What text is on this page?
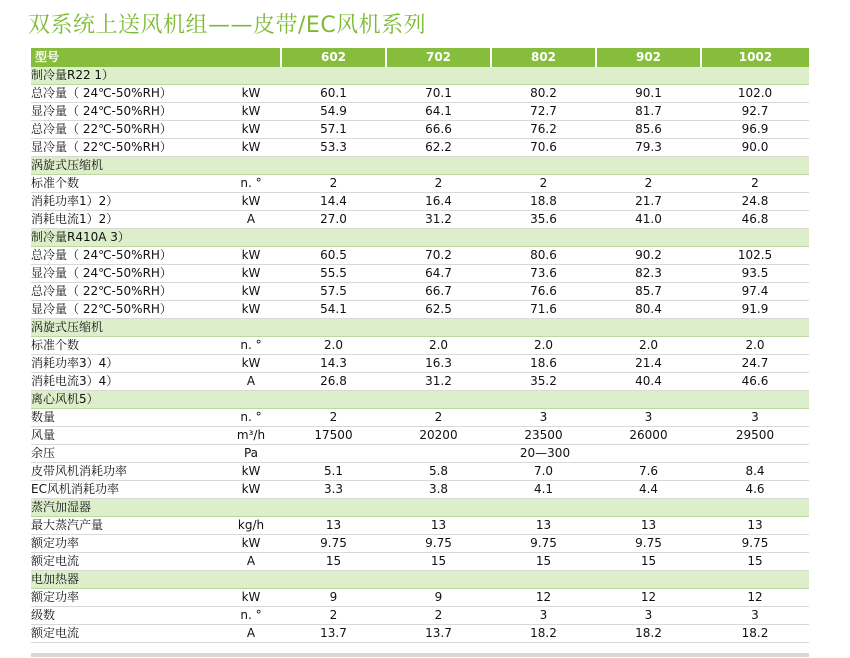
双系统上送风机组——皮带/EC风机系列
型号		602	702	802	902	1002
制冷量R22 1）						
总冷量（ 24℃-50%RH）	kW	60.1	70.1	80.2	90.1	102.0
显冷量（ 24℃-50%RH）	kW	54.9	64.1	72.7	81.7	92.7
总冷量（ 22℃-50%RH）	kW	57.1	66.6	76.2	85.6	96.9
显冷量（ 22℃-50%RH）	kW	53.3	62.2	70.6	79.3	90.0
涡旋式压缩机						
标准个数	n. °	2	2	2	2	2
消耗功率1）2）	kW	14.4	16.4	18.8	21.7	24.8
消耗电流1）2）	A	27.0	31.2	35.6	41.0	46.8
制冷量R410A 3）						
总冷量（ 24℃-50%RH）	kW	60.5	70.2	80.6	90.2	102.5
显冷量（ 24℃-50%RH）	kW	55.5	64.7	73.6	82.3	93.5
总冷量（ 22℃-50%RH）	kW	57.5	66.7	76.6	85.7	97.4
显冷量（ 22℃-50%RH）	kW	54.1	62.5	71.6	80.4	91.9
涡旋式压缩机						
标准个数	n. °	2.0	2.0	2.0	2.0	2.0
消耗功率3）4）	kW	14.3	16.3	18.6	21.4	24.7
消耗电流3）4）	A	26.8	31.2	35.2	40.4	46.6
离心风机5）						
数量	n. °	2	2	3	3	3
风量	m³/h	17500	20200	23500	26000	29500
余压	Pa	20—300				
皮带风机消耗功率	kW	5.1	5.8	7.0	7.6	8.4
EC风机消耗功率	kW	3.3	3.8	4.1	4.4	4.6
蒸汽加湿器						
最大蒸汽产量	kg/h	13	13	13	13	13
额定功率	kW	9.75	9.75	9.75	9.75	9.75
额定电流	A	15	15	15	15	15
电加热器						
额定功率	kW	9	9	12	12	12
级数	n. °	2	2	3	3	3
额定电流	A	13.7	13.7	18.2	18.2	18.2
